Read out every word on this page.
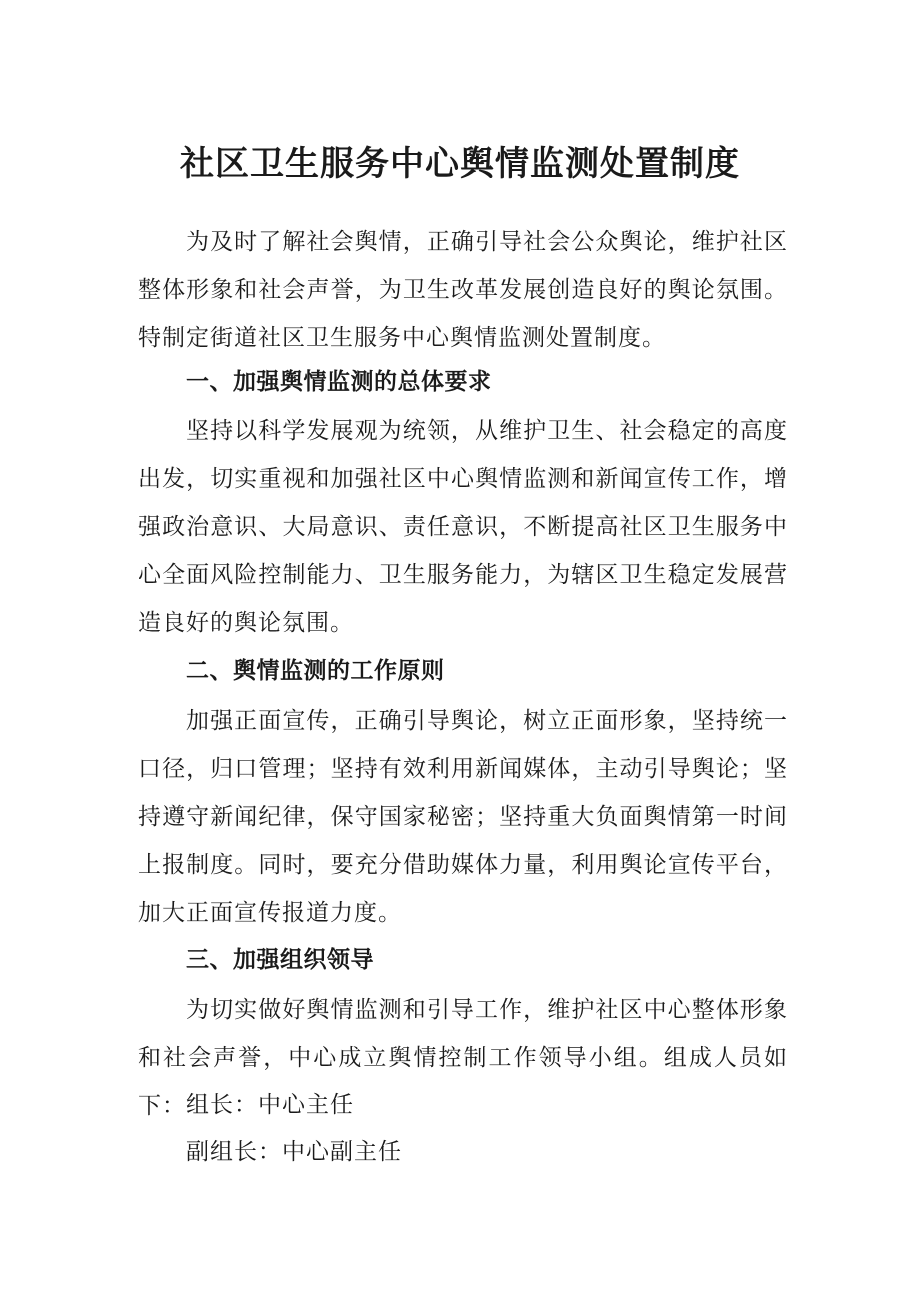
社区卫生服务中心舆情监测处置制度

为及时了解社会舆情，正确引导社会公众舆论，维护社区整体形象和社会声誉，为卫生改革发展创造良好的舆论氛围。特制定街道社区卫生服务中心舆情监测处置制度。

一、加强舆情监测的总体要求

坚持以科学发展观为统领，从维护卫生、社会稳定的高度出发，切实重视和加强社区中心舆情监测和新闻宣传工作，增强政治意识、大局意识、责任意识，不断提高社区卫生服务中心全面风险控制能力、卫生服务能力，为辖区卫生稳定发展营造良好的舆论氛围。

二、舆情监测的工作原则

加强正面宣传，正确引导舆论，树立正面形象，坚持统一口径，归口管理；坚持有效利用新闻媒体，主动引导舆论；坚持遵守新闻纪律，保守国家秘密；坚持重大负面舆情第一时间上报制度。同时，要充分借助媒体力量，利用舆论宣传平台，加大正面宣传报道力度。

三、加强组织领导

为切实做好舆情监测和引导工作，维护社区中心整体形象和社会声誉，中心成立舆情控制工作领导小组。组成人员如下： 组长：中心主任

副组长：中心副主任
